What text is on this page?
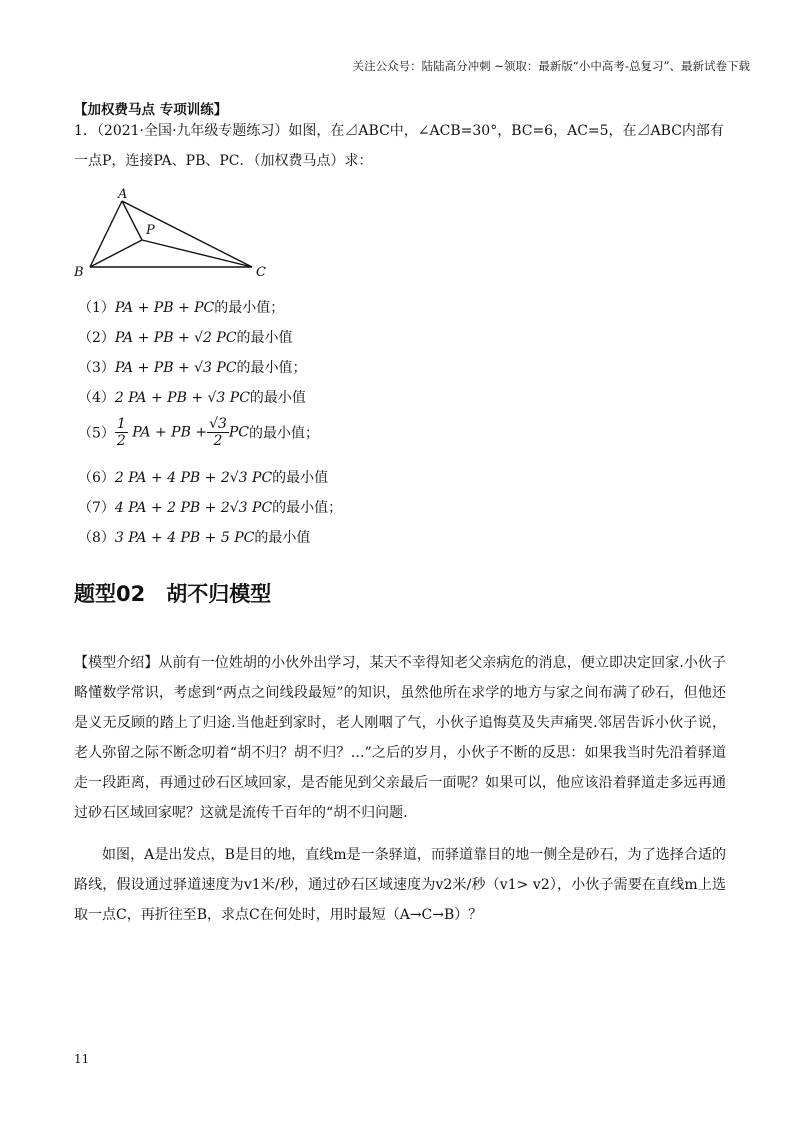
关注公众号：陆陆高分冲刺 ~领取：最新版“小中高考-总复习”、最新试卷下载
【加权费马点 专项训练】
1．（2021·全国·九年级专题练习）如图，在⊿ABC中，∠ACB=30°，BC=6，AC=5，在⊿ABC内部有
一点P，连接PA、PB、PC．（加权费马点）求：
A
B	C
P
（1）PA + PB + PC的最小值；
（2）PA + PB + √2 PC的最小值
（3）PA + PB + √3 PC的最小值；
（4）2 PA + PB + √3 PC的最小值
$(5) \frac{1}{2}$ PA + PB + $\frac{√3}{2}$ PC的最小值；
（6）2 PA + 4 PB + 2√3 PC的最小值
（7）4 PA + 2 PB + 2√3 PC的最小值；
（8）3 PA + 4 PB + 5 PC的最小值
题型02　胡不归模型
【模型介绍】从前有一位姓胡的小伙外出学习，某天不幸得知老父亲病危的消息，便立即决定回家.小伙子略懂数学常识，考虑到“两点之间线段最短”的知识，虽然他所在求学的地方与家之间布满了砂石，但他还是义无反顾的踏上了归途.当他赶到家时，老人刚咽了气，小伙子追悔莫及失声痛哭.邻居告诉小伙子说，老人弥留之际不断念叨着“胡不归？胡不归？…”之后的岁月，小伙子不断的反思：如果我当时先沿着驿道走一段距离，再通过砂石区域回家，是否能见到父亲最后一面呢？如果可以，他应该沿着驿道走多远再通过砂石区域回家呢？这就是流传千百年的“胡不归问题.
如图，A是出发点，B是目的地，直线m是一条驿道，而驿道靠目的地一侧全是砂石，为了选择合适的路线，假设通过驿道速度为v1米/秒，通过砂石区域速度为v2米/秒（v1> v2），小伙子需要在直线m上选取一点C，再折往至B，求点C在何处时，用时最短（A→C→B）？
11
